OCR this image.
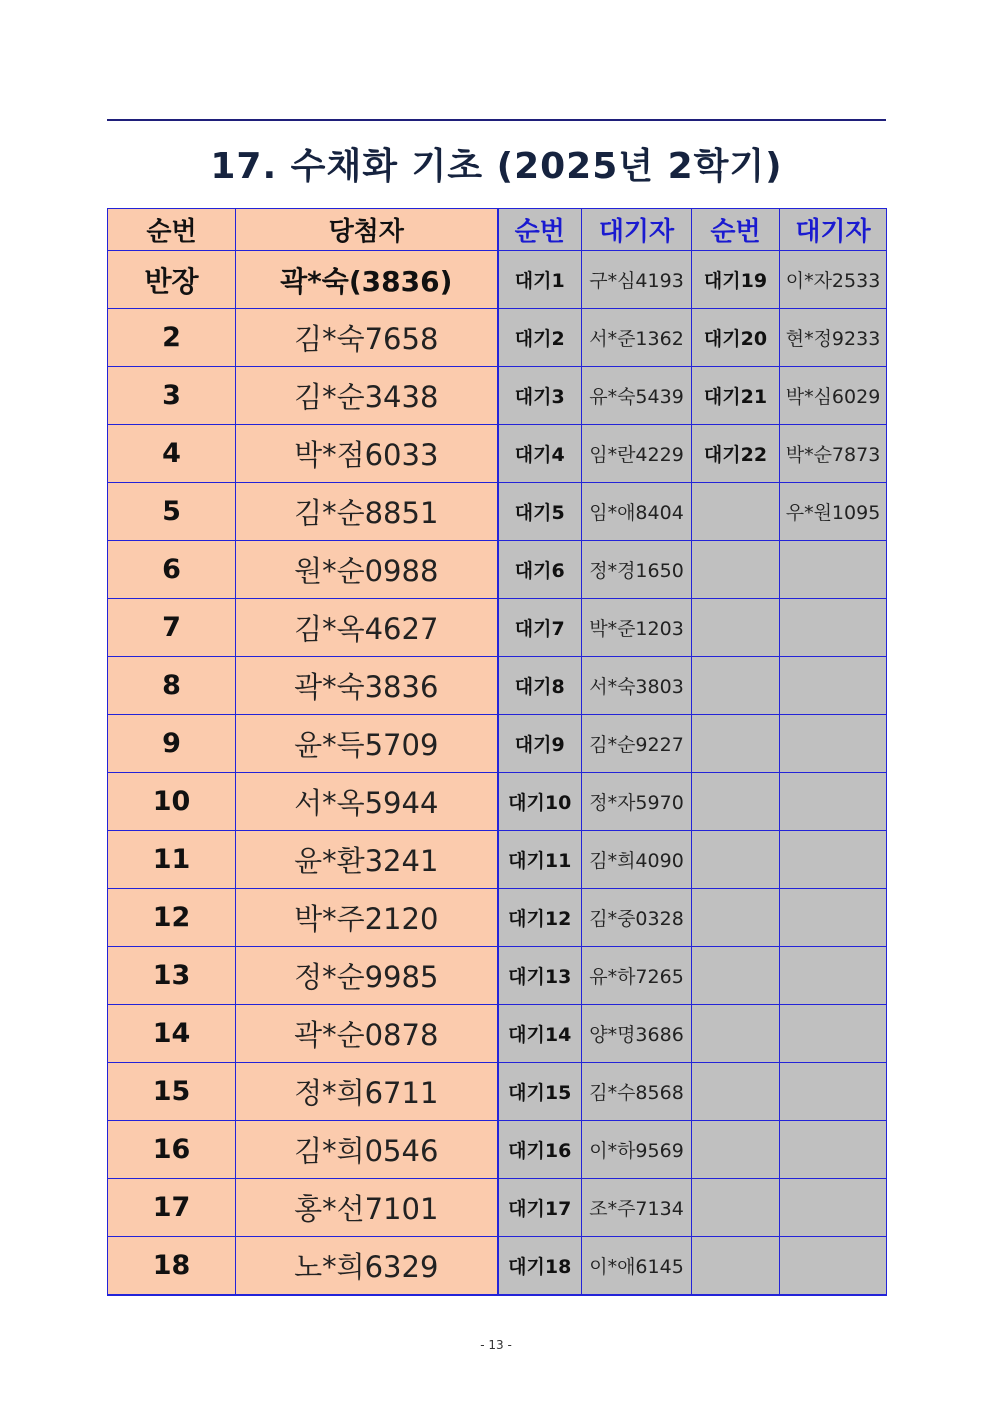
17. 수채화 기초 (2025년 2학기)
순번	당첨자	순번	대기자	순번	대기자
반장	곽*숙(3836)	대기1	구*심4193	대기19	이*자2533
2	김*숙7658	대기2	서*준1362	대기20	현*정9233
3	김*순3438	대기3	유*숙5439	대기21	박*심6029
4	박*점6033	대기4	임*란4229	대기22	박*순7873
5	김*순8851	대기5	임*애8404		우*원1095
6	원*순0988	대기6	정*경1650		
7	김*옥4627	대기7	박*준1203		
8	곽*숙3836	대기8	서*숙3803		
9	윤*득5709	대기9	김*순9227		
10	서*옥5944	대기10	정*자5970		
11	윤*환3241	대기11	김*희4090		
12	박*주2120	대기12	김*중0328		
13	정*순9985	대기13	유*하7265		
14	곽*순0878	대기14	양*명3686		
15	정*희6711	대기15	김*수8568		
16	김*희0546	대기16	이*하9569		
17	홍*선7101	대기17	조*주7134		
18	노*희6329	대기18	이*애6145		
- 13 -
